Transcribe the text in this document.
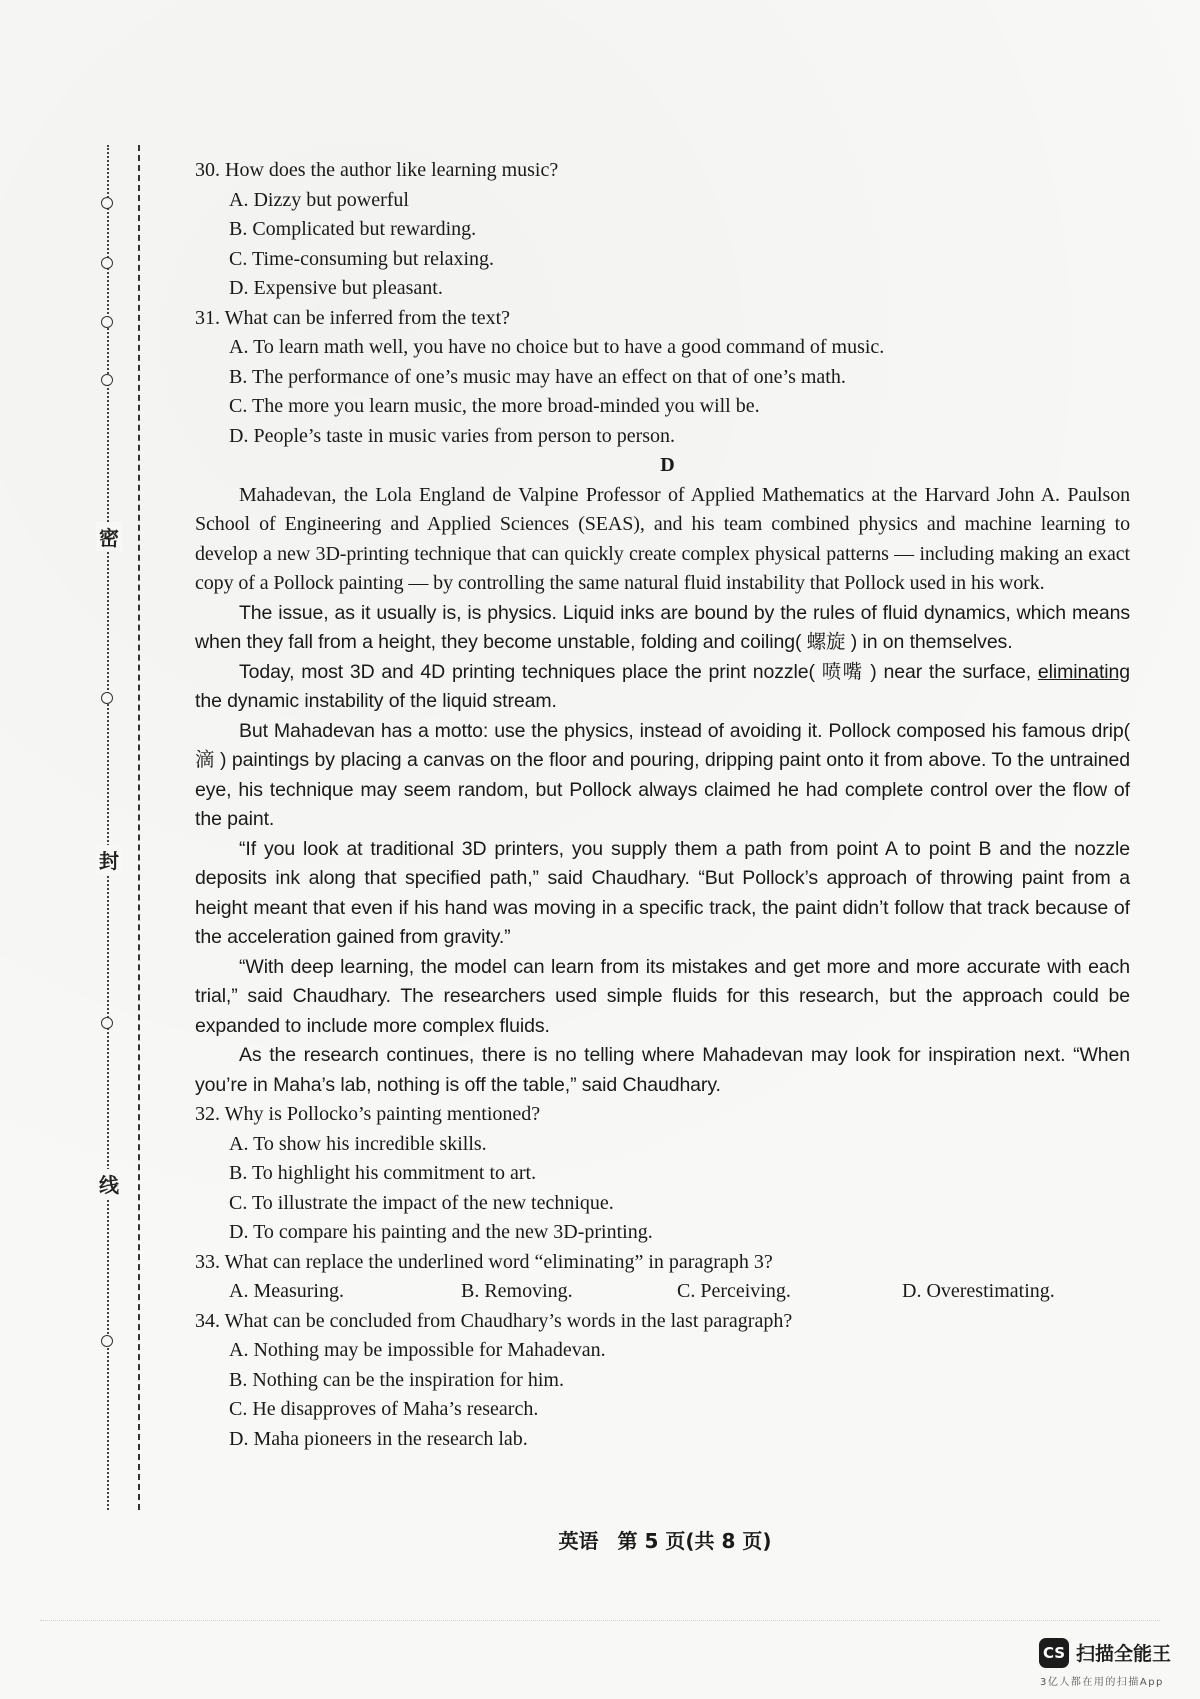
密
封
线

30. How does the author like learning music?

A. Dizzy but powerful

B. Complicated but rewarding.

C. Time-consuming but relaxing.

D. Expensive but pleasant.

31. What can be inferred from the text?

A. To learn math well, you have no choice but to have a good command of music.

B. The performance of one’s music may have an effect on that of one’s math.

C. The more you learn music, the more broad-minded you will be.

D. People’s taste in music varies from person to person.

D

Mahadevan, the Lola England de Valpine Professor of Applied Mathematics at the Harvard John A. Paulson School of Engineering and Applied Sciences (SEAS), and his team combined physics and machine learning to develop a new 3D-printing technique that can quickly create complex physical patterns — including making an exact copy of a Pollock painting — by controlling the same natural fluid instability that Pollock used in his work.

The issue, as it usually is, is physics. Liquid inks are bound by the rules of fluid dynamics, which means when they fall from a height, they become unstable, folding and coiling( 螺旋 ) in on themselves.

Today, most 3D and 4D printing techniques place the print nozzle( 喷嘴 ) near the surface, eliminating the dynamic instability of the liquid stream.

But Mahadevan has a motto: use the physics, instead of avoiding it. Pollock composed his famous drip( 滴 ) paintings by placing a canvas on the floor and pouring, dripping paint onto it from above. To the untrained eye, his technique may seem random, but Pollock always claimed he had complete control over the flow of the paint.

“If you look at traditional 3D printers, you supply them a path from point A to point B and the nozzle deposits ink along that specified path,” said Chaudhary. “But Pollock’s approach of throwing paint from a height meant that even if his hand was moving in a specific track, the paint didn’t follow that track because of the acceleration gained from gravity.”

“With deep learning, the model can learn from its mistakes and get more and more accurate with each trial,” said Chaudhary. The researchers used simple fluids for this research, but the approach could be expanded to include more complex fluids.

As the research continues, there is no telling where Mahadevan may look for inspiration next. “When you’re in Maha’s lab, nothing is off the table,” said Chaudhary.

32. Why is Pollocko’s painting mentioned?

A. To show his incredible skills.

B. To highlight his commitment to art.

C. To illustrate the impact of the new technique.

D. To compare his painting and the new 3D-printing.

33. What can replace the underlined word “eliminating” in paragraph 3?

A. Measuring.	B. Removing.	C. Perceiving.	D. Overestimating.

34. What can be concluded from Chaudhary’s words in the last paragraph?

A. Nothing may be impossible for Mahadevan.

B. Nothing can be the inspiration for him.

C. He disapproves of Maha’s research.

D. Maha pioneers in the research lab.

英语 第 5 页(共 8 页)
CS 扫描全能王
3亿人都在用的扫描App
